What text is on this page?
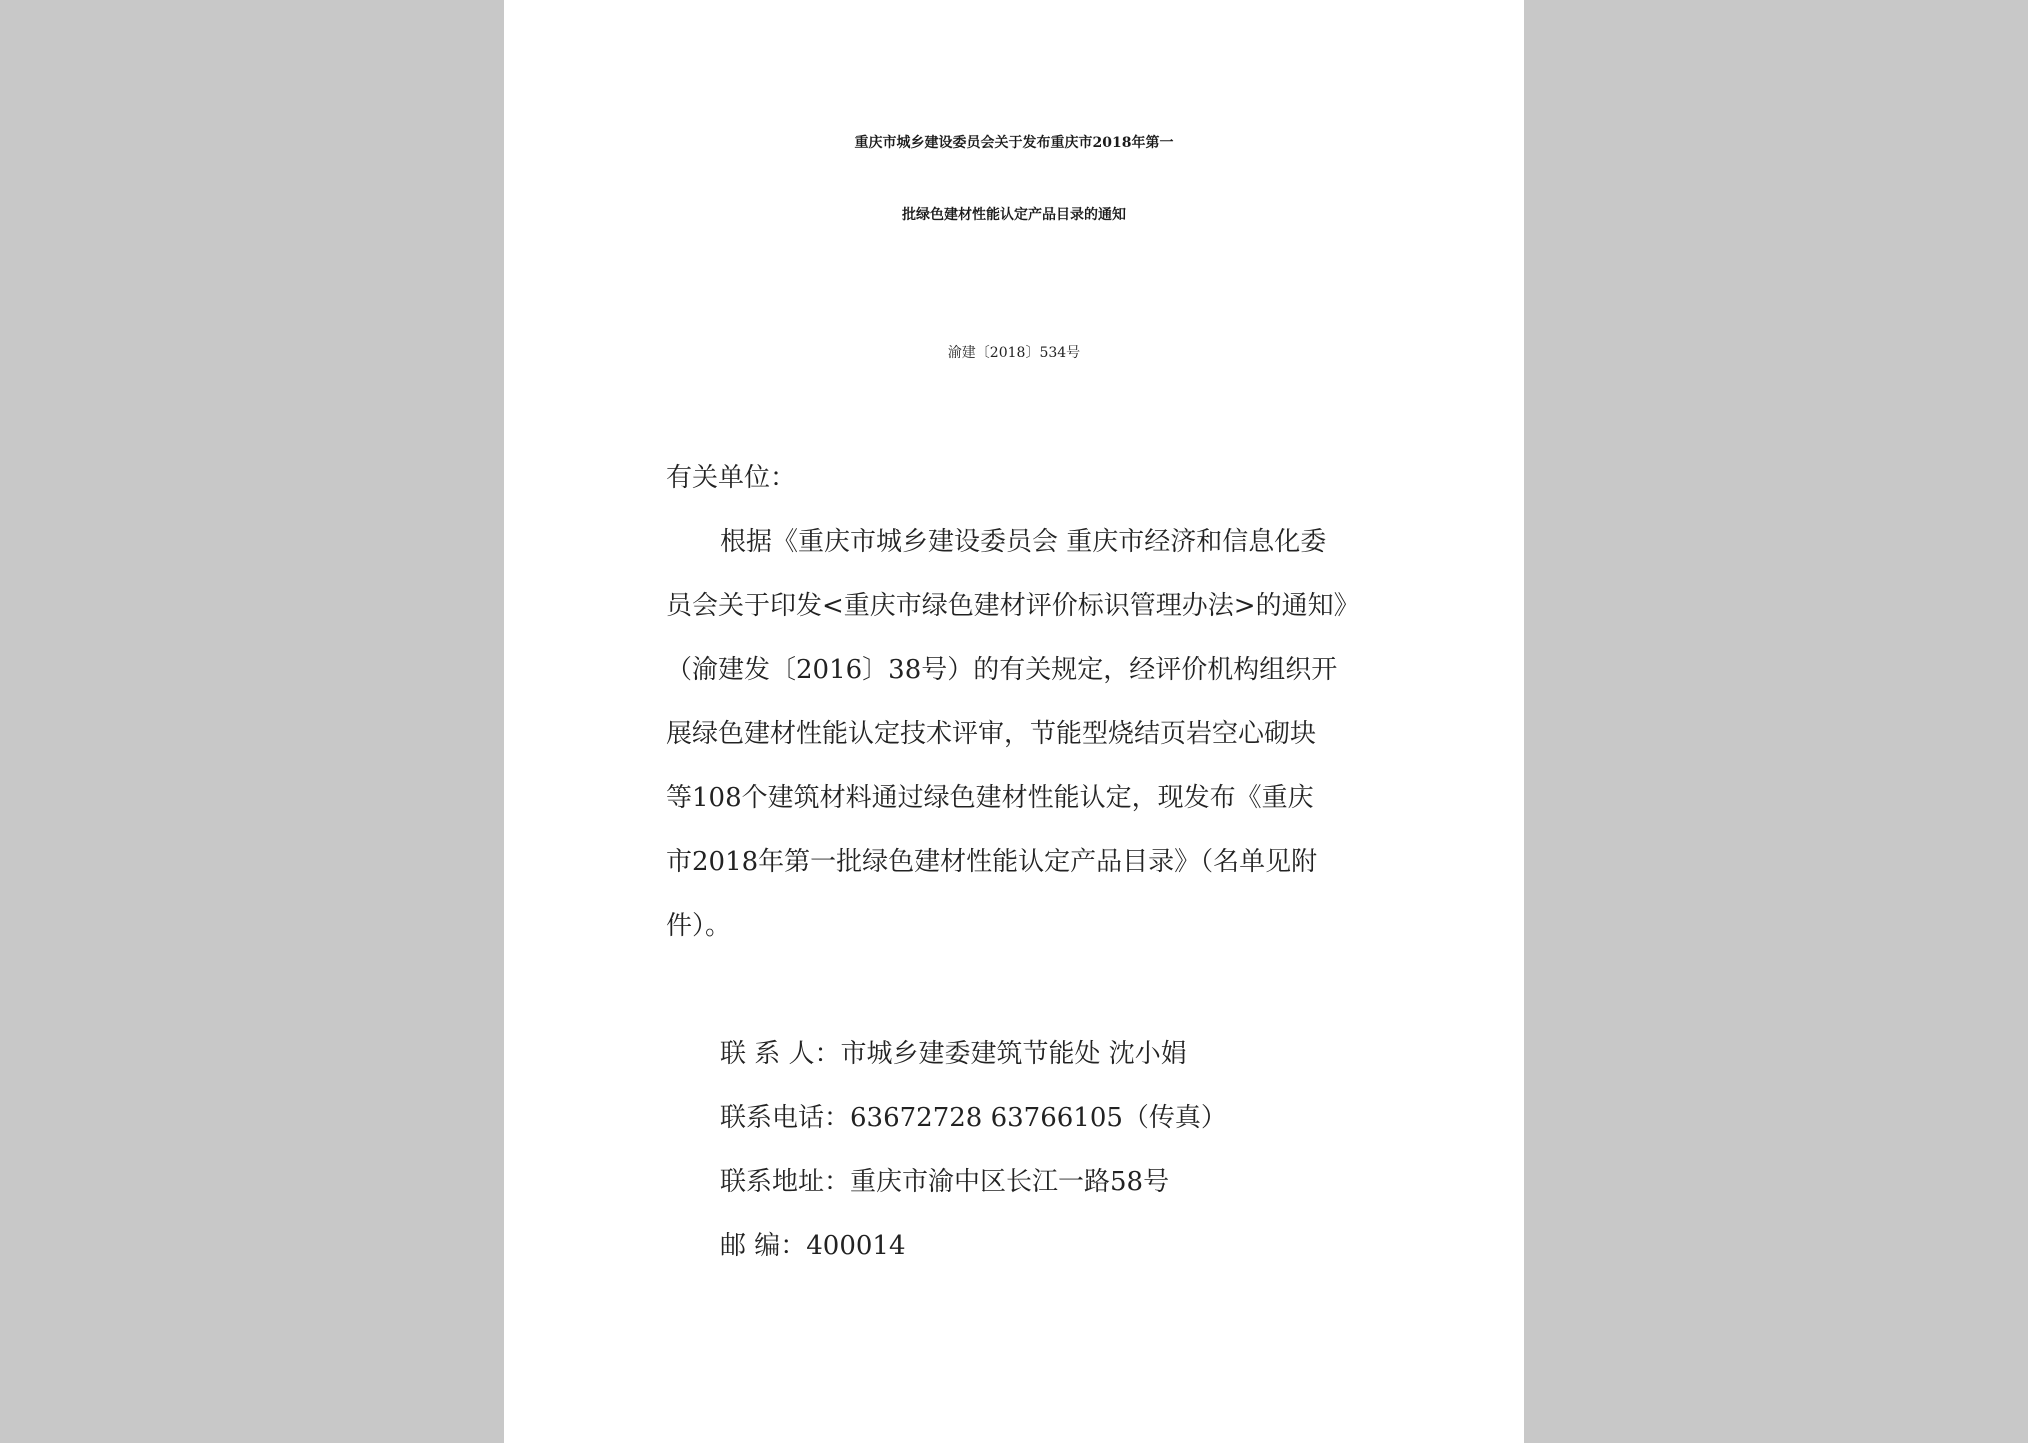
重庆市城乡建设委员会关于发布重庆市2018年第一
批绿色建材性能认定产品目录的通知
渝建〔2018〕534号
有关单位：
根据《重庆市城乡建设委员会 重庆市经济和信息化委
员会关于印发<重庆市绿色建材评价标识管理办法>的通知》
（渝建发〔2016〕38号）的有关规定，经评价机构组织开
展绿色建材性能认定技术评审，节能型烧结页岩空心砌块
等108个建筑材料通过绿色建材性能认定，现发布《重庆
市2018年第一批绿色建材性能认定产品目录》（名单见附
件）。
联 系 人：市城乡建委建筑节能处 沈小娟
联系电话：63672728 63766105（传真）
联系地址：重庆市渝中区长江一路58号
邮 编：400014
